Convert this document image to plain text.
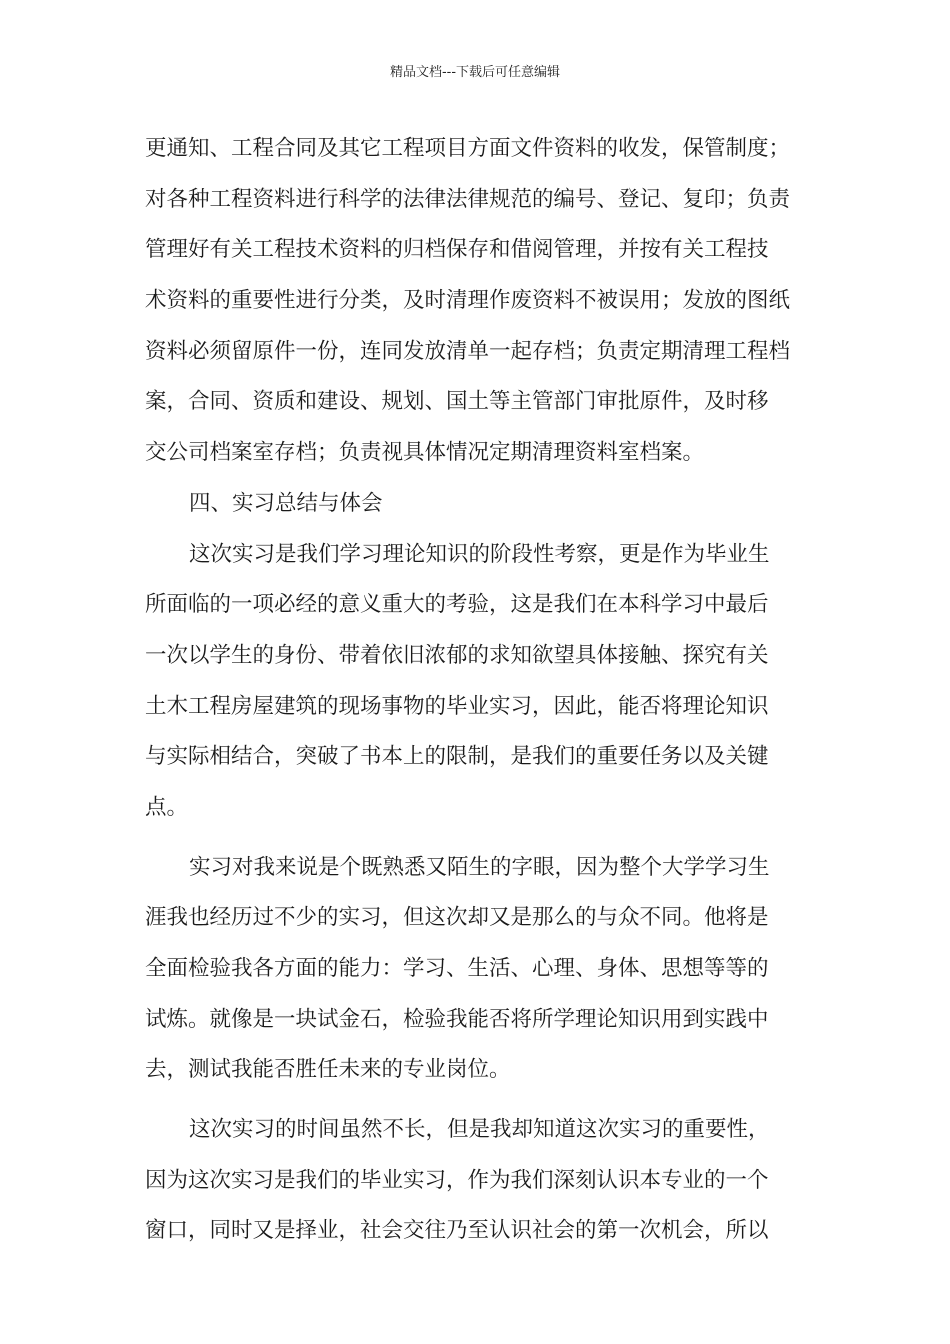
精品文档---下载后可任意编辑
更通知、工程合同及其它工程项目方面文件资料的收发，保管制度；
对各种工程资料进行科学的法律法律规范的编号、登记、复印；负责
管理好有关工程技术资料的归档保存和借阅管理，并按有关工程技
术资料的重要性进行分类，及时清理作废资料不被误用；发放的图纸
资料必须留原件一份，连同发放清单一起存档；负责定期清理工程档
案，合同、资质和建设、规划、国土等主管部门审批原件，及时移
交公司档案室存档；负责视具体情况定期清理资料室档案。
四、实习总结与体会
这次实习是我们学习理论知识的阶段性考察，更是作为毕业生
所面临的一项必经的意义重大的考验，这是我们在本科学习中最后
一次以学生的身份、带着依旧浓郁的求知欲望具体接触、探究有关
土木工程房屋建筑的现场事物的毕业实习，因此，能否将理论知识
与实际相结合，突破了书本上的限制，是我们的重要任务以及关键
点。
实习对我来说是个既熟悉又陌生的字眼，因为整个大学学习生
涯我也经历过不少的实习，但这次却又是那么的与众不同。他将是
全面检验我各方面的能力：学习、生活、心理、身体、思想等等的
试炼。就像是一块试金石，检验我能否将所学理论知识用到实践中
去，测试我能否胜任未来的专业岗位。
这次实习的时间虽然不长，但是我却知道这次实习的重要性，
因为这次实习是我们的毕业实习，作为我们深刻认识本专业的一个
窗口，同时又是择业，社会交往乃至认识社会的第一次机会，所以
